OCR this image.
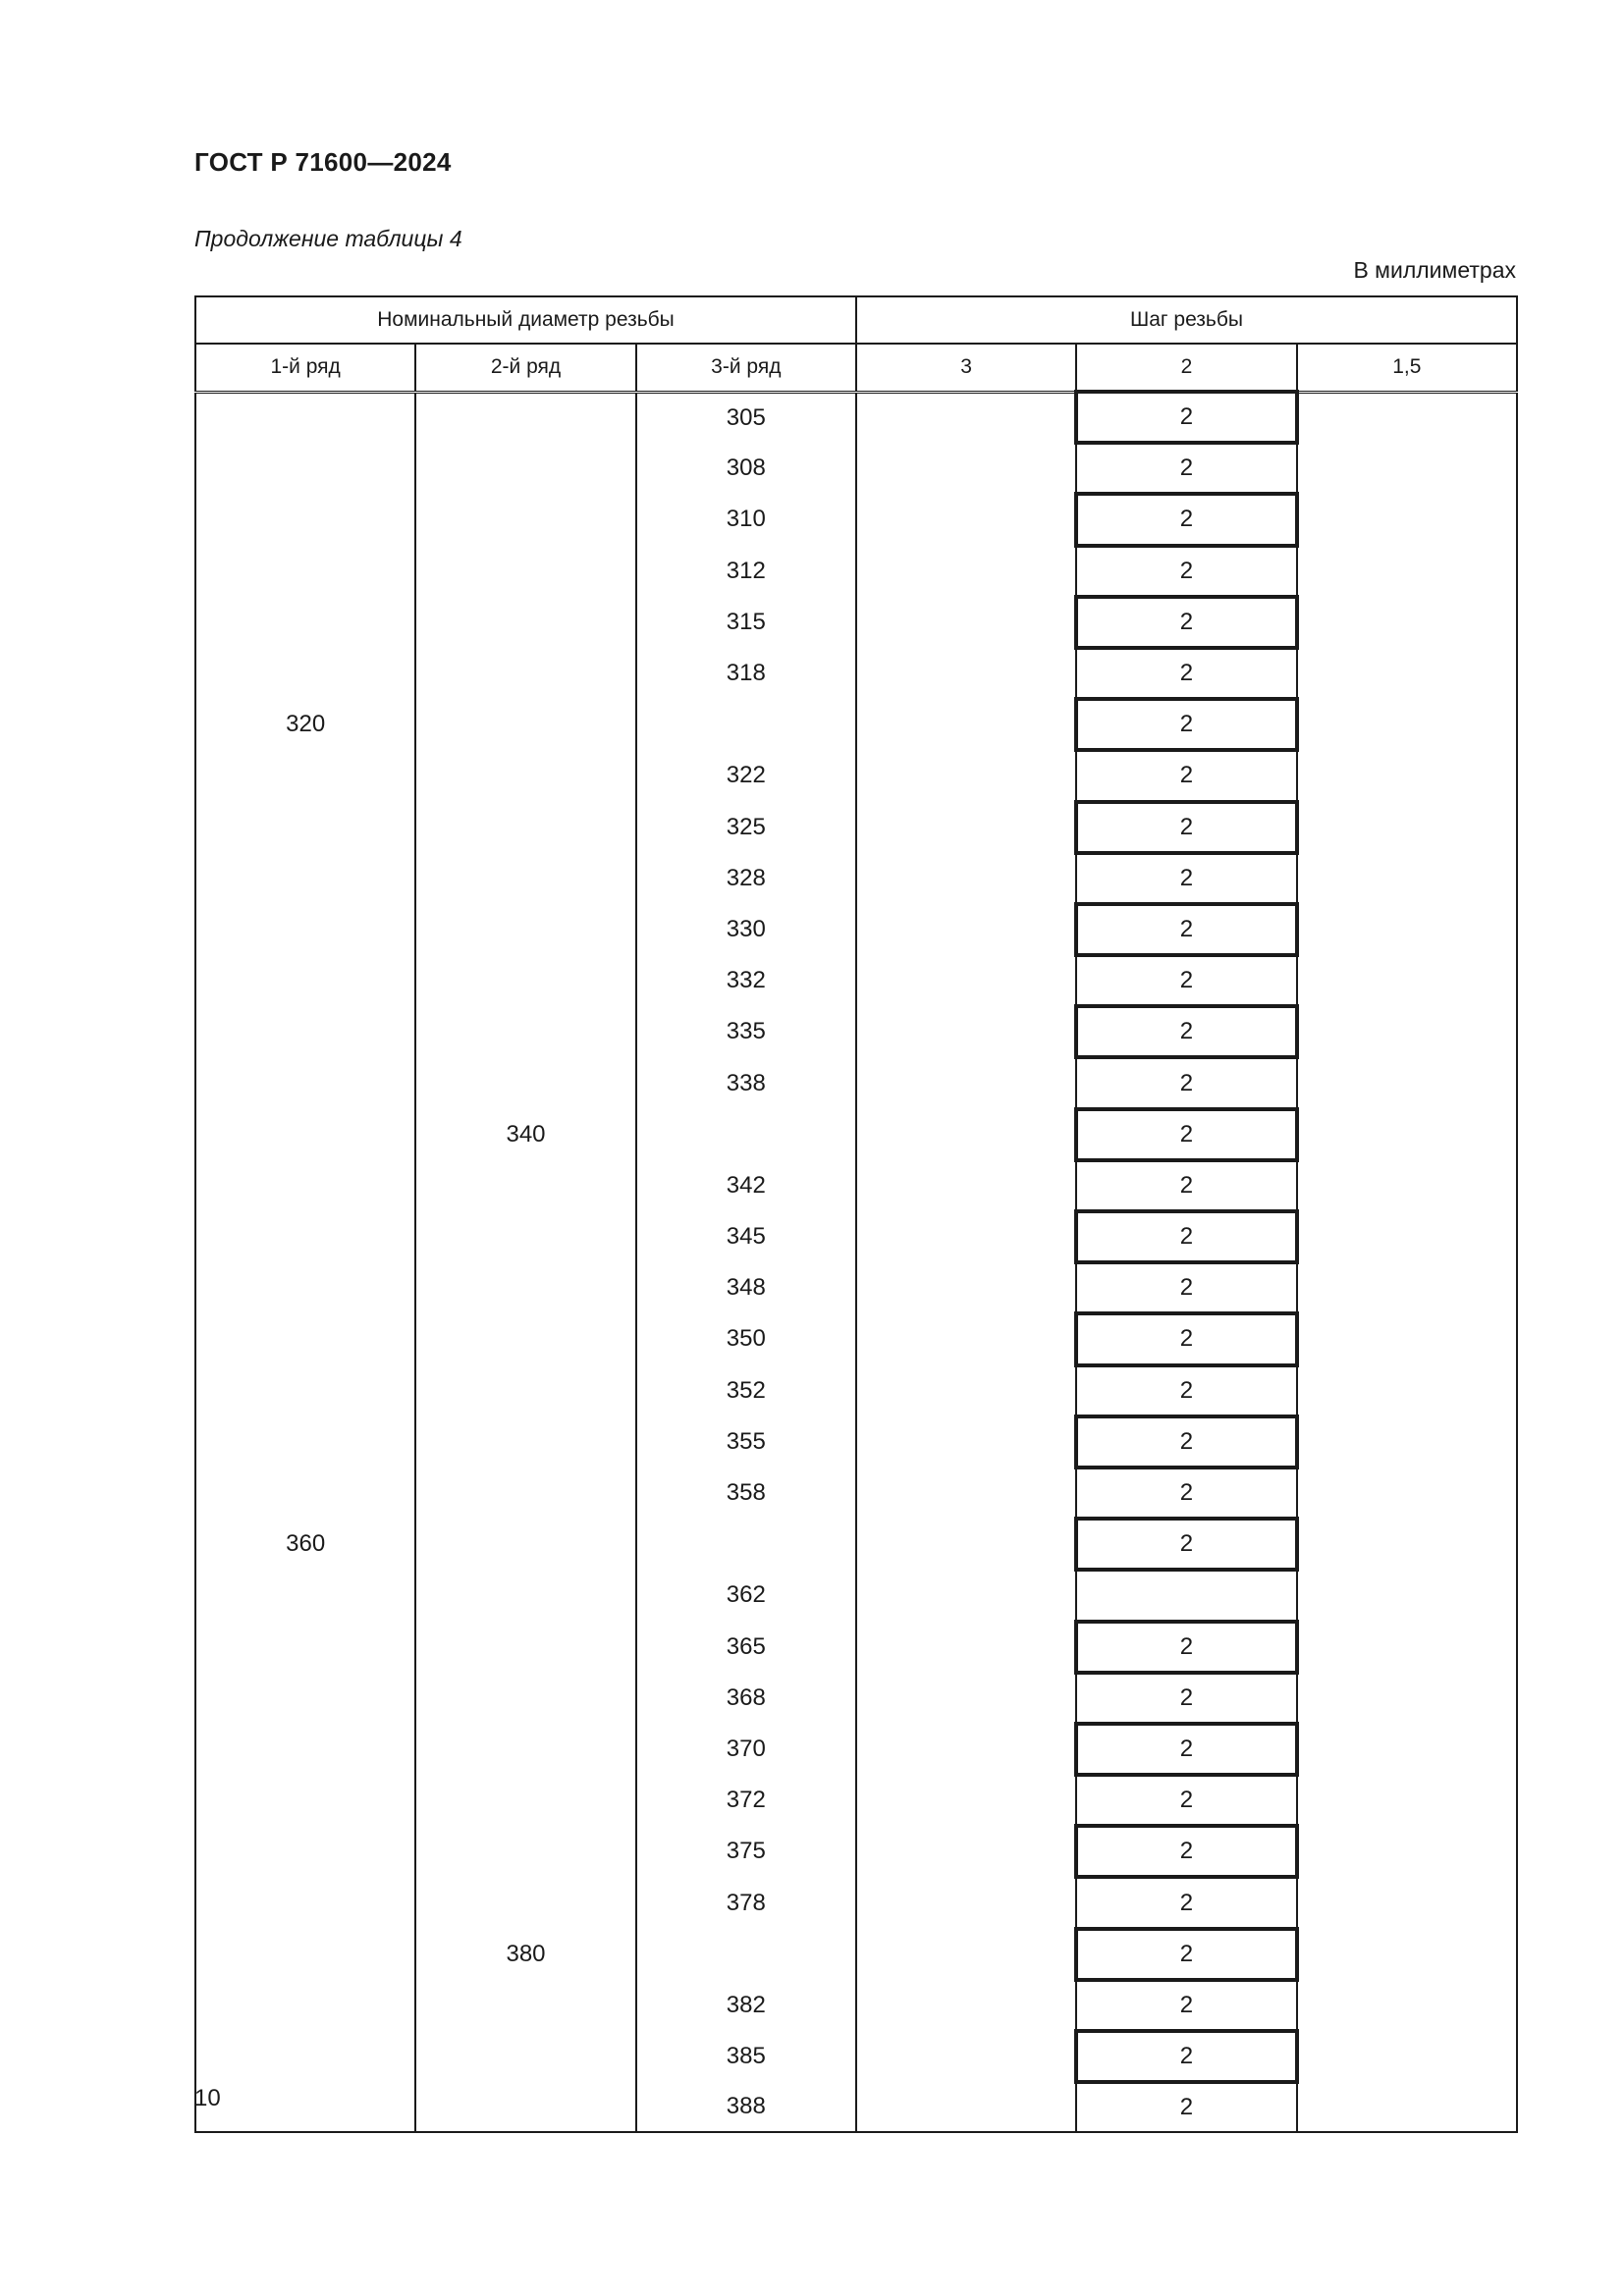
ГОСТ Р 71600—2024
Продолжение таблицы 4
В миллиметрах
Номинальный диаметр резьбы			Шаг резьбы		
1-й ряд	2-й ряд	3-й ряд	3	2	1,5
		305		2	
		308		2	
		310		2	
		312		2	
		315		2	
		318		2	
320				2	
		322		2	
		325		2	
		328		2	
		330		2	
		332		2	
		335		2	
		338		2	
	340			2	
		342		2	
		345		2	
		348		2	
		350		2	
		352		2	
		355		2	
		358		2	
360				2	
		362			
		365		2	
		368		2	
		370		2	
		372		2	
		375		2	
		378		2	
	380			2	
		382		2	
		385		2	
		388		2	
10
